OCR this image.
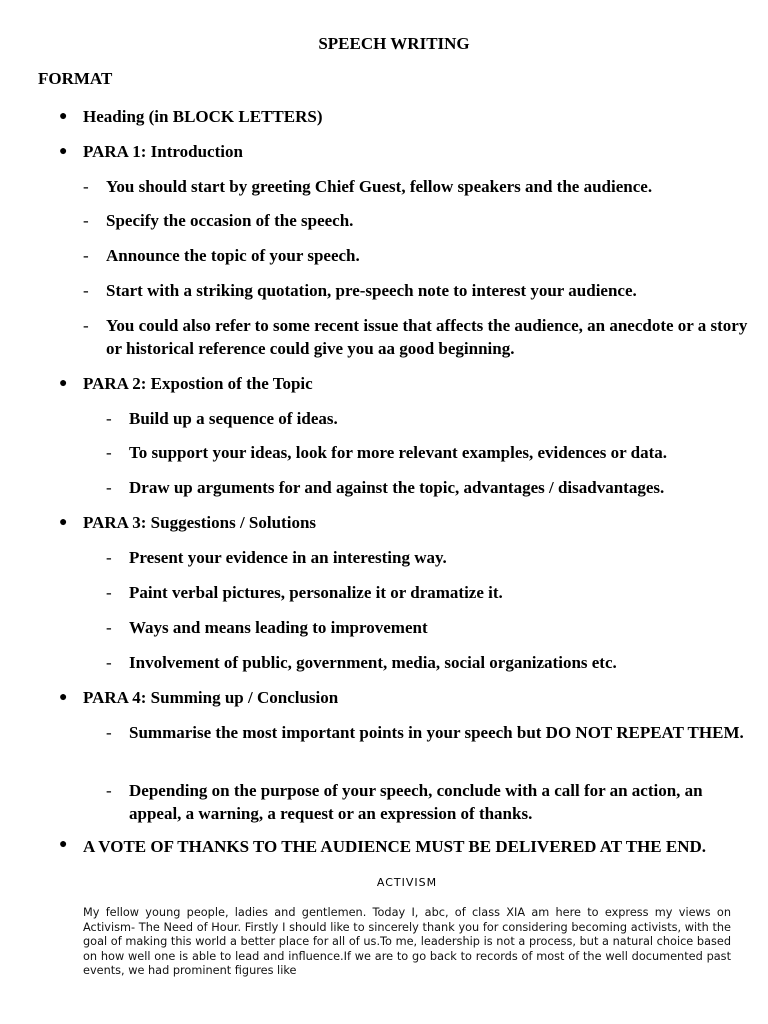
SPEECH WRITING
FORMAT
● Heading (in BLOCK LETTERS)
● PARA 1: Introduction
- You should start by greeting Chief Guest, fellow speakers and the audience.
- Specify the occasion of the speech.
- Announce the topic of your speech.
- Start with a striking quotation, pre-speech note to interest your audience.
- You could also refer to some recent issue that affects the audience, an anecdote or a story or historical reference could give you aa good beginning.
● PARA 2: Expostion of the Topic
- Build up a sequence of ideas.
- To support your ideas, look for more relevant examples, evidences or data.
- Draw up arguments for and against the topic, advantages / disadvantages.
● PARA 3: Suggestions / Solutions
- Present your evidence in an interesting way.
- Paint verbal pictures, personalize it or dramatize it.
- Ways and means leading to improvement
- Involvement of public, government, media, social organizations etc.
● PARA 4: Summing up / Conclusion
- Summarise the most important points in your speech but DO NOT REPEAT THEM.
- Depending on the purpose of your speech, conclude with a call for an action, an appeal, a warning, a request or an expression of thanks.
● A VOTE OF THANKS TO THE AUDIENCE MUST BE DELIVERED AT THE END.
ACTIVISM
My fellow young people, ladies and gentlemen. Today I, abc, of class XIA am here to express my views on Activism- The Need of Hour. Firstly I should like to sincerely thank you for considering becoming activists, with the goal of making this world a better place for all of us.To me, leadership is not a process, but a natural choice based on how well one is able to lead and influence.If we are to go back to records of most of the well documented past events, we had prominent figures like
